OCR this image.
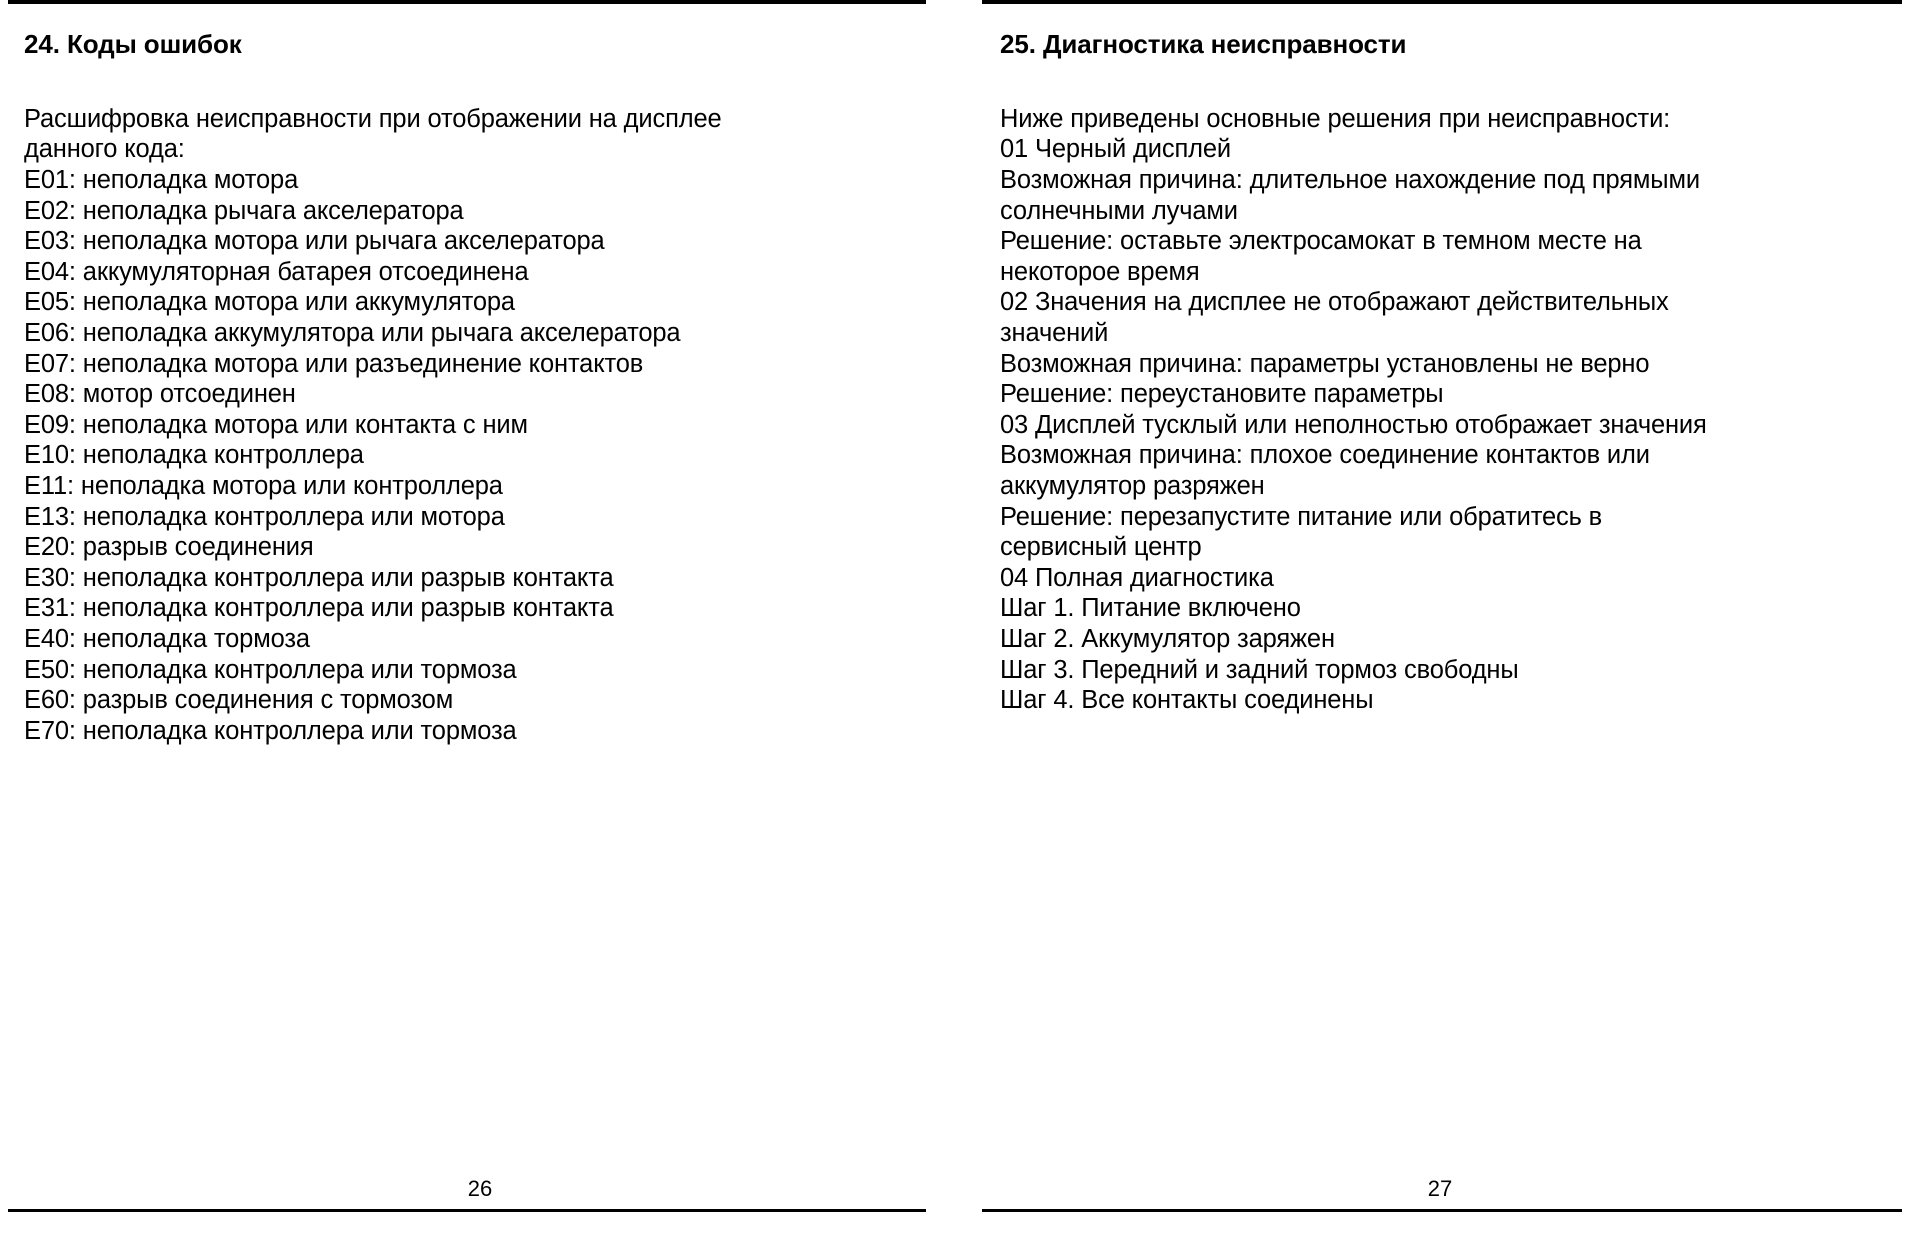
24. Коды ошибок
Расшифровка неисправности при отображении на дисплее
данного кода:
E01: неполадка мотора
E02: неполадка рычага акселератора
E03: неполадка мотора или рычага акселератора
E04: аккумуляторная батарея отсоединена
E05: неполадка мотора или аккумулятора
E06: неполадка аккумулятора или рычага акселератора
E07: неполадка мотора или разъединение контактов
E08: мотор отсоединен
E09: неполадка мотора или контакта с ним
E10: неполадка контроллера
E11: неполадка мотора или контроллера
E13: неполадка контроллера или мотора
E20: разрыв соединения
E30: неполадка контроллера или разрыв контакта
E31: неполадка контроллера или разрыв контакта
E40: неполадка тормоза
E50: неполадка контроллера или тормоза
E60: разрыв соединения с тормозом
E70: неполадка контроллера или тормоза
26
25. Диагностика неисправности
Ниже приведены основные решения при неисправности:
01 Черный дисплей
Возможная причина: длительное нахождение под прямыми
солнечными лучами
Решение: оставьте электросамокат в темном месте на
некоторое время
02 Значения на дисплее не отображают действительных
значений
Возможная причина: параметры установлены не верно
Решение: переустановите параметры
03 Дисплей тусклый или неполностью отображает значения
Возможная причина: плохое соединение контактов или
аккумулятор разряжен
Решение: перезапустите питание или обратитесь в
сервисный центр
04 Полная диагностика
Шаг 1. Питание включено
Шаг 2. Аккумулятор заряжен
Шаг 3. Передний и задний тормоз свободны
Шаг 4. Все контакты соединены
27
